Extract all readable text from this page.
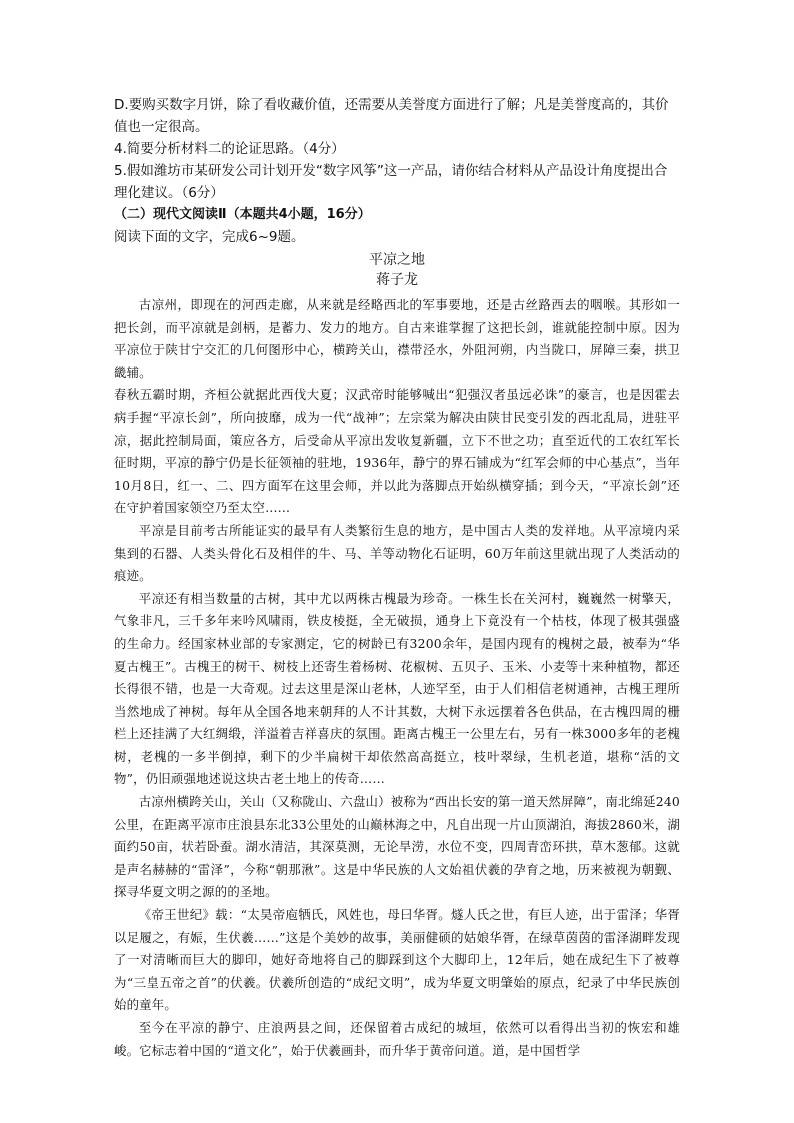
D.要购买数字月饼，除了看收藏价值，还需要从美誉度方面进行了解；凡是美誉度高的，其价值也一定很高。

4.简要分析材料二的论证思路。（4分）

5.假如潍坊市某研发公司计划开发“数字风筝”这一产品，请你结合材料从产品设计角度提出合理化建议。（6分）

（二）现代文阅读Ⅱ（本题共4小题，16分）

阅读下面的文字，完成6~9题。

平凉之地

蒋子龙

古凉州，即现在的河西走廊，从来就是经略西北的军事要地，还是古丝路西去的咽喉。其形如一把长剑，而平凉就是剑柄，是蓄力、发力的地方。自古来谁掌握了这把长剑，谁就能控制中原。因为平凉位于陕甘宁交汇的几何图形中心，横跨关山，襟带泾水，外阻河朔，内当陇口，屏障三秦，拱卫畿辅。

春秋五霸时期，齐桓公就据此西伐大夏；汉武帝时能够喊出“犯强汉者虽远必诛”的豪言，也是因霍去病手握“平凉长剑”，所向披靡，成为一代“战神”；左宗棠为解决由陕甘民变引发的西北乱局，进驻平凉，据此控制局面，策应各方，后受命从平凉出发收复新疆，立下不世之功；直至近代的工农红军长征时期，平凉的静宁仍是长征领袖的驻地，1936年，静宁的界石铺成为“红军会师的中心基点”，当年10月8日，红一、二、四方面军在这里会师，并以此为落脚点开始纵横穿插；到今天，“平凉长剑”还在守护着国家领空乃至太空……

平凉是目前考古所能证实的最早有人类繁衍生息的地方，是中国古人类的发祥地。从平凉境内采集到的石器、人类头骨化石及相伴的牛、马、羊等动物化石证明，60万年前这里就出现了人类活动的痕迹。

平凉还有相当数量的古树，其中尤以两株古槐最为珍奇。一株生长在关河村，巍巍然一树擎天，气象非凡，三千多年来吟风啸雨，铁皮棱挺，全无破损，通身上下竟没有一个枯枝，体现了极其强盛的生命力。经国家林业部的专家测定，它的树龄已有3200余年，是国内现有的槐树之最，被奉为“华夏古槐王”。古槐王的树干、树枝上还寄生着杨树、花椒树、五贝子、玉米、小麦等十来种植物，都还长得很不错，也是一大奇观。过去这里是深山老林，人迹罕至，由于人们相信老树通神，古槐王理所当然地成了神树。每年从全国各地来朝拜的人不计其数，大树下永远摆着各色供品，在古槐四周的栅栏上还挂满了大红绸缎，洋溢着吉祥喜庆的氛围。距离古槐王一公里左右，另有一株3000多年的老槐树，老槐的一多半倒掉，剩下的少半扁树干却依然高高挺立，枝叶翠绿，生机老道，堪称“活的文物”，仍旧顽强地述说这块古老土地上的传奇……

古凉州横跨关山，关山（又称陇山、六盘山）被称为“西出长安的第一道天然屏障”，南北绵延240公里，在距离平凉市庄浪县东北33公里处的山巅林海之中，凡自出现一片山顶湖泊，海拔2860米，湖面约50亩，状若卧蚕。湖水清洁，其深莫测，无论旱涝，水位不变，四周青峦环拱，草木葱郁。这就是声名赫赫的“雷泽”，今称“朝那湫”。这是中华民族的人文始祖伏羲的孕育之地，历来被视为朝觐、探寻华夏文明之源的的圣地。

《帝王世纪》载：“太昊帝庖牺氏，风姓也，母曰华胥。燧人氏之世，有巨人迹，出于雷泽；华胥以足履之，有娠，生伏羲……”这是个美妙的故事，美丽健硕的姑娘华胥，在绿草茵茵的雷泽湖畔发现了一对清晰而巨大的脚印，她好奇地将自己的脚踩到这个大脚印上，12年后，她在成纪生下了被尊为“三皇五帝之首”的伏羲。伏羲所创造的“成纪文明”，成为华夏文明肇始的原点，纪录了中华民族创始的童年。

至今在平凉的静宁、庄浪两县之间，还保留着古成纪的城垣，依然可以看得出当初的恢宏和雄峻。它标志着中国的“道文化”，始于伏羲画卦，而升华于黄帝问道。道，是中国哲学
